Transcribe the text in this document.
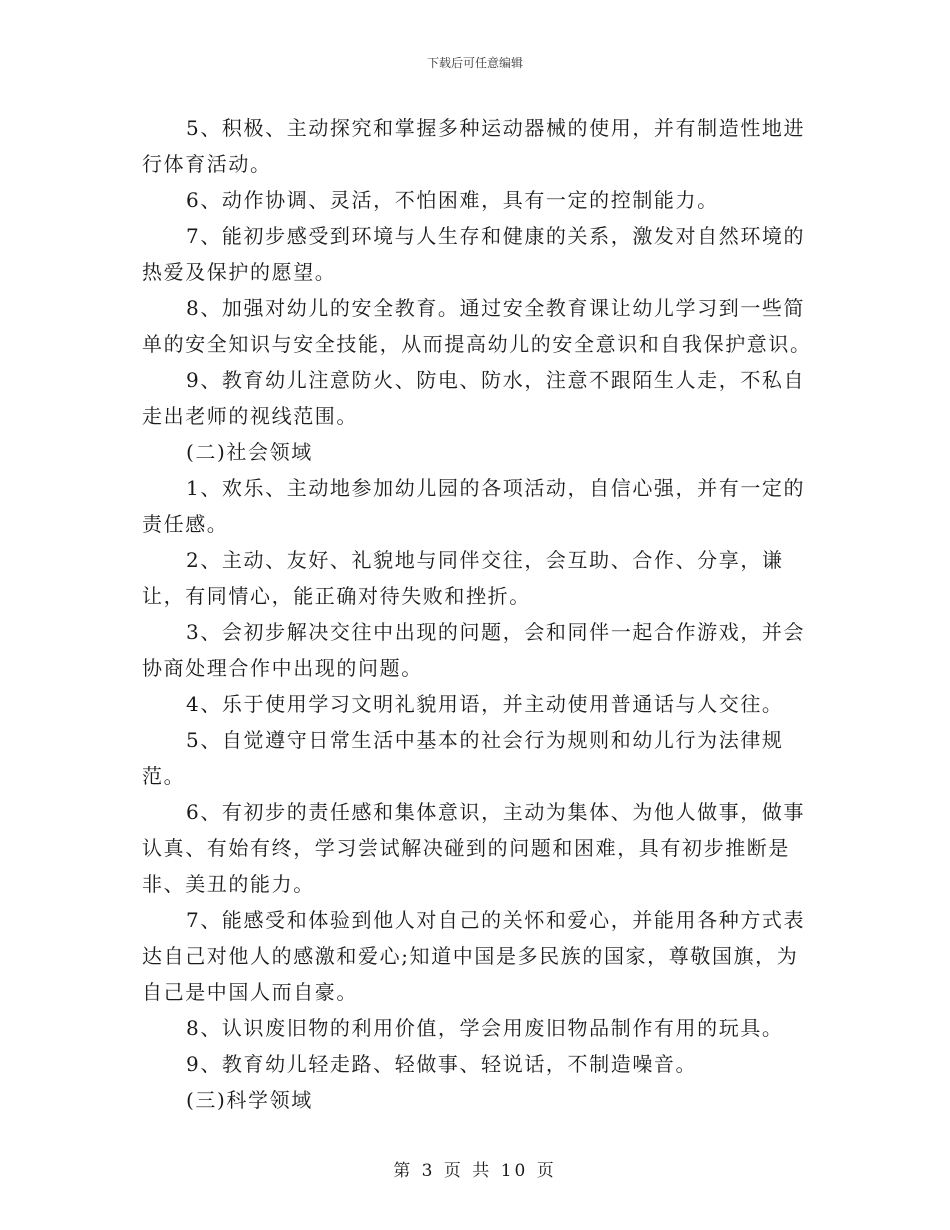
下载后可任意编辑

5、积极、主动探究和掌握多种运动器械的使用，并有制造性地进行体育活动。

6、动作协调、灵活，不怕困难，具有一定的控制能力。

7、能初步感受到环境与人生存和健康的关系，激发对自然环境的热爱及保护的愿望。

8、加强对幼儿的安全教育。通过安全教育课让幼儿学习到一些简单的安全知识与安全技能，从而提高幼儿的安全意识和自我保护意识。

9、教育幼儿注意防火、防电、防水，注意不跟陌生人走，不私自走出老师的视线范围。

(二)社会领域

1、欢乐、主动地参加幼儿园的各项活动，自信心强，并有一定的责任感。

2、主动、友好、礼貌地与同伴交往，会互助、合作、分享，谦让，有同情心，能正确对待失败和挫折。

3、会初步解决交往中出现的问题，会和同伴一起合作游戏，并会协商处理合作中出现的问题。

4、乐于使用学习文明礼貌用语，并主动使用普通话与人交往。

5、自觉遵守日常生活中基本的社会行为规则和幼儿行为法律规范。

6、有初步的责任感和集体意识，主动为集体、为他人做事，做事认真、有始有终，学习尝试解决碰到的问题和困难，具有初步推断是非、美丑的能力。

7、能感受和体验到他人对自己的关怀和爱心，并能用各种方式表达自己对他人的感激和爱心;知道中国是多民族的国家，尊敬国旗，为自己是中国人而自豪。

8、认识废旧物的利用价值，学会用废旧物品制作有用的玩具。

9、教育幼儿轻走路、轻做事、轻说话，不制造噪音。

(三)科学领域

第 3 页 共 10 页
